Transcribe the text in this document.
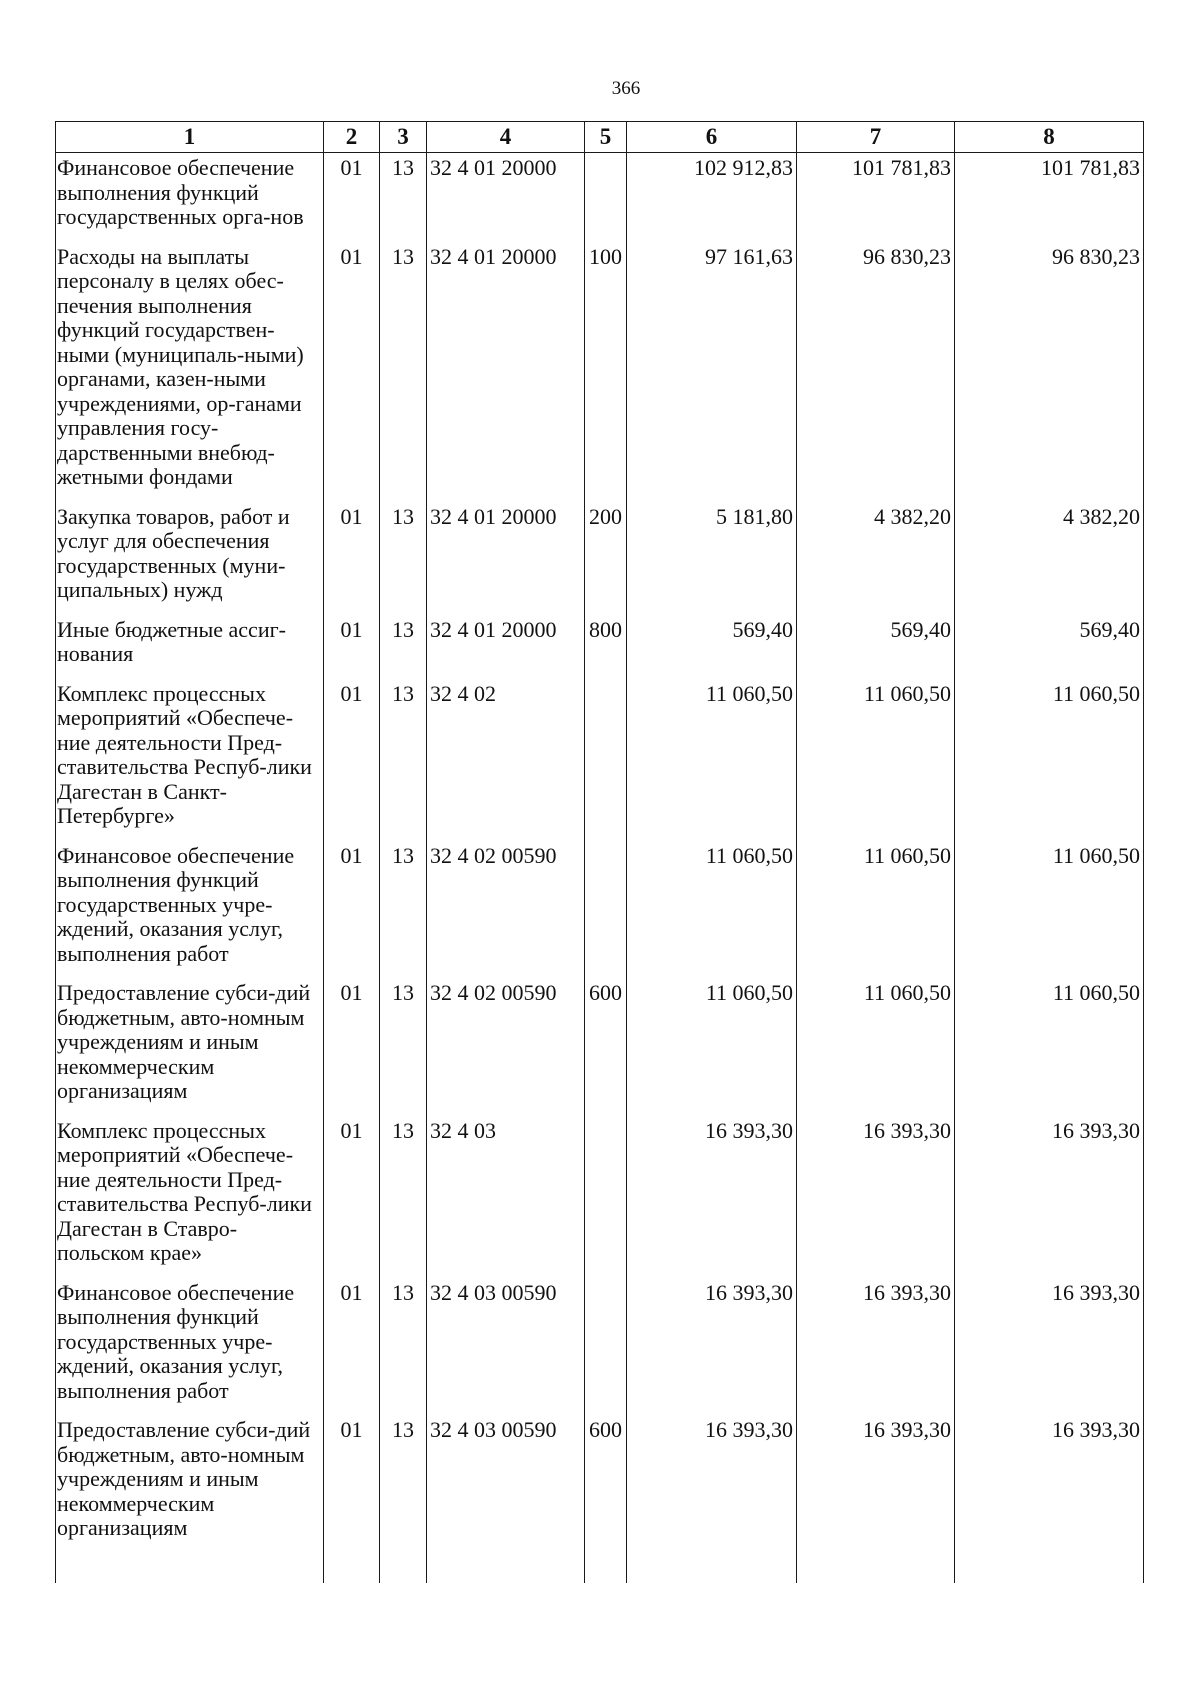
366
1	2	3	4	5	6	7	8
Финансовое обеспечение выполнения функций государственных орга-нов	01	13	32 4 01 20000		102 912,83	101 781,83	101 781,83
Расходы на выплаты персоналу в целях обес-печения выполнения функций государствен-ными (муниципаль-ными) органами, казен-ными учреждениями, ор-ганами управления госу-дарственными внебюд-жетными фондами	01	13	32 4 01 20000	100	97 161,63	96 830,23	96 830,23
Закупка товаров, работ и услуг для обеспечения государственных (муни-ципальных) нужд	01	13	32 4 01 20000	200	5 181,80	4 382,20	4 382,20
Иные бюджетные ассиг-нования	01	13	32 4 01 20000	800	569,40	569,40	569,40
Комплекс процессных мероприятий «Обеспече-ние деятельности Пред-ставительства Респуб-лики Дагестан в Санкт-Петербурге»	01	13	32 4 02		11 060,50	11 060,50	11 060,50
Финансовое обеспечение выполнения функций государственных учре-ждений, оказания услуг, выполнения работ	01	13	32 4 02 00590		11 060,50	11 060,50	11 060,50
Предоставление субси-дий бюджетным, авто-номным учреждениям и иным некоммерческим организациям	01	13	32 4 02 00590	600	11 060,50	11 060,50	11 060,50
Комплекс процессных мероприятий «Обеспече-ние деятельности Пред-ставительства Респуб-лики Дагестан в Ставро-польском крае»	01	13	32 4 03		16 393,30	16 393,30	16 393,30
Финансовое обеспечение выполнения функций государственных учре-ждений, оказания услуг, выполнения работ	01	13	32 4 03 00590		16 393,30	16 393,30	16 393,30
Предоставление субси-дий бюджетным, авто-номным учреждениям и иным некоммерческим организациям	01	13	32 4 03 00590	600	16 393,30	16 393,30	16 393,30
